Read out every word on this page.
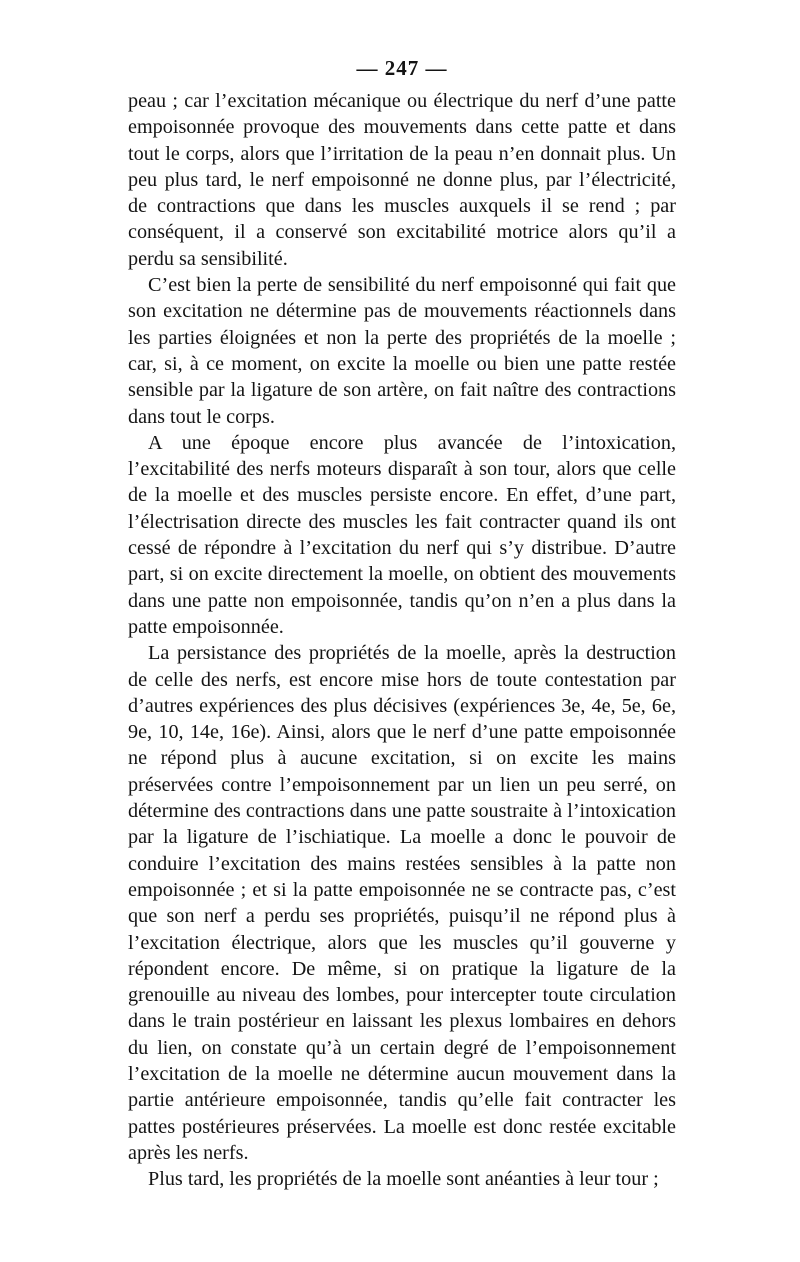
— 247 —

peau ; car l’excitation mécanique ou électrique du nerf d’une patte empoisonnée provoque des mouvements dans cette patte et dans tout le corps, alors que l’irritation de la peau n’en donnait plus. Un peu plus tard, le nerf empoisonné ne donne plus, par l’électricité, de contractions que dans les muscles auxquels il se rend ; par conséquent, il a conservé son excitabilité motrice alors qu’il a perdu sa sensibilité.

C’est bien la perte de sensibilité du nerf empoisonné qui fait que son excitation ne détermine pas de mouvements réactionnels dans les parties éloignées et non la perte des propriétés de la moelle ; car, si, à ce moment, on excite la moelle ou bien une patte restée sensible par la ligature de son artère, on fait naître des contractions dans tout le corps.

A une époque encore plus avancée de l’intoxication, l’excitabilité des nerfs moteurs disparaît à son tour, alors que celle de la moelle et des muscles persiste encore. En effet, d’une part, l’électrisation directe des muscles les fait contracter quand ils ont cessé de répondre à l’excitation du nerf qui s’y distribue. D’autre part, si on excite directement la moelle, on obtient des mouvements dans une patte non empoisonnée, tandis qu’on n’en a plus dans la patte empoisonnée.

La persistance des propriétés de la moelle, après la destruction de celle des nerfs, est encore mise hors de toute contestation par d’autres expériences des plus décisives (expériences 3e, 4e, 5e, 6e, 9e, 10, 14e, 16e). Ainsi, alors que le nerf d’une patte empoisonnée ne répond plus à aucune excitation, si on excite les mains préservées contre l’empoisonnement par un lien un peu serré, on détermine des contractions dans une patte soustraite à l’intoxication par la ligature de l’ischiatique. La moelle a donc le pouvoir de conduire l’excitation des mains restées sensibles à la patte non empoisonnée ; et si la patte empoisonnée ne se contracte pas, c’est que son nerf a perdu ses propriétés, puisqu’il ne répond plus à l’excitation électrique, alors que les muscles qu’il gouverne y répondent encore. De même, si on pratique la ligature de la grenouille au niveau des lombes, pour intercepter toute circulation dans le train postérieur en laissant les plexus lombaires en dehors du lien, on constate qu’à un certain degré de l’empoisonnement l’excitation de la moelle ne détermine aucun mouvement dans la partie antérieure empoisonnée, tandis qu’elle fait contracter les pattes postérieures préservées. La moelle est donc restée excitable après les nerfs.

Plus tard, les propriétés de la moelle sont anéanties à leur tour ;
